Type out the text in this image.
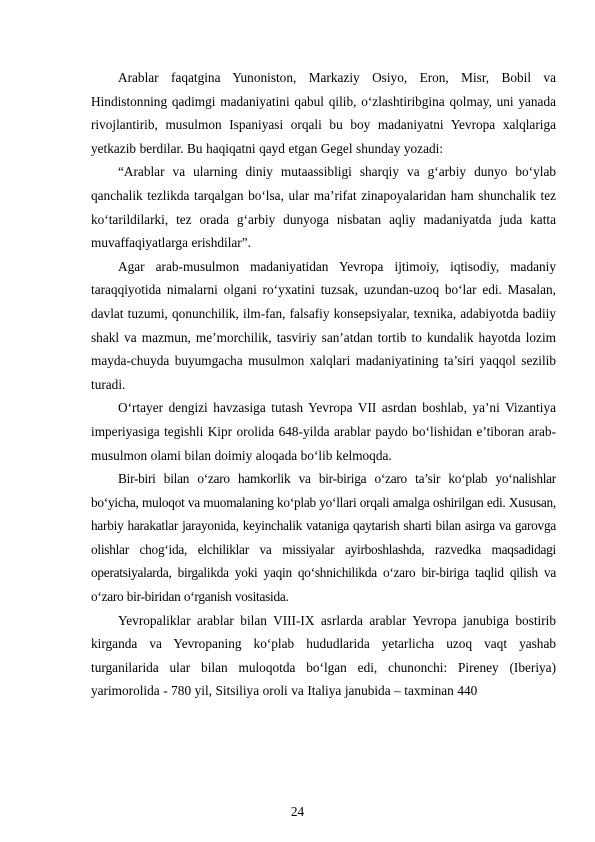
Arablar faqatgina Yunoniston, Markaziy Osiyo, Eron, Misr, Bobil va Hindistonning qadimgi madaniyatini qabul qilib, o‘zlashtiribgina qolmay, uni yanada rivojlantirib, musulmon Ispaniyasi orqali bu boy madaniyatni Yevropa xalqlariga yetkazib berdilar. Bu haqiqatni qayd etgan Gegel shunday yozadi:

“Arablar va ularning diniy mutaassibligi sharqiy va g‘arbiy dunyo bo‘ylab qanchalik tezlikda tarqalgan bo‘lsa, ular ma’rifat zinapoyalaridan ham shunchalik tez ko‘tarildilarki, tez orada g‘arbiy dunyoga nisbatan aqliy madaniyatda juda katta muvaffaqiyatlarga erishdilar”.

Agar arab-musulmon madaniyatidan Yevropa ijtimoiy, iqtisodiy, madaniy taraqqiyotida nimalarni olgani ro‘yxatini tuzsak, uzundan-uzoq bo‘lar edi. Masalan, davlat tuzumi, qonunchilik, ilm-fan, falsafiy konsepsiyalar, texnika, adabiyotda badiiy shakl va mazmun, me’morchilik, tasviriy san’atdan tortib to kundalik hayotda lozim mayda-chuyda buyumgacha musulmon xalqlari madaniyatining ta’siri yaqqol sezilib turadi.

O‘rtayer dengizi havzasiga tutash Yevropa VII asrdan boshlab, ya’ni Vizantiya imperiyasiga tegishli Kipr orolida 648-yilda arablar paydo bo‘lishidan e’tiboran arab-musulmon olami bilan doimiy aloqada bo‘lib kelmoqda.

Bir-biri bilan o‘zaro hamkorlik va bir-biriga o‘zaro ta’sir ko‘plab yo‘nalishlar bo‘yicha, muloqot va muomalaning ko‘plab yo‘llari orqali amalga oshirilgan edi. Xususan, harbiy harakatlar jarayonida, keyinchalik vataniga qaytarish sharti bilan asirga va garovga olishlar chog‘ida, elchiliklar va missiyalar ayirboshlashda, razvedka maqsadidagi operatsiyalarda, birgalikda yoki yaqin qo‘shnichilikda o‘zaro bir-biriga taqlid qilish va o‘zaro bir-biridan o‘rganish vositasida.

Yevropaliklar arablar bilan VIII-IX asrlarda arablar Yevropa janubiga bostirib kirganda va Yevropaning ko‘plab hududlarida yetarlicha uzoq vaqt yashab turganilarida ular bilan muloqotda bo‘lgan edi, chunonchi: Pireney (Iberiya) yarimorolida - 780 yil, Sitsiliya oroli va Italiya janubida – taxminan 440

24
